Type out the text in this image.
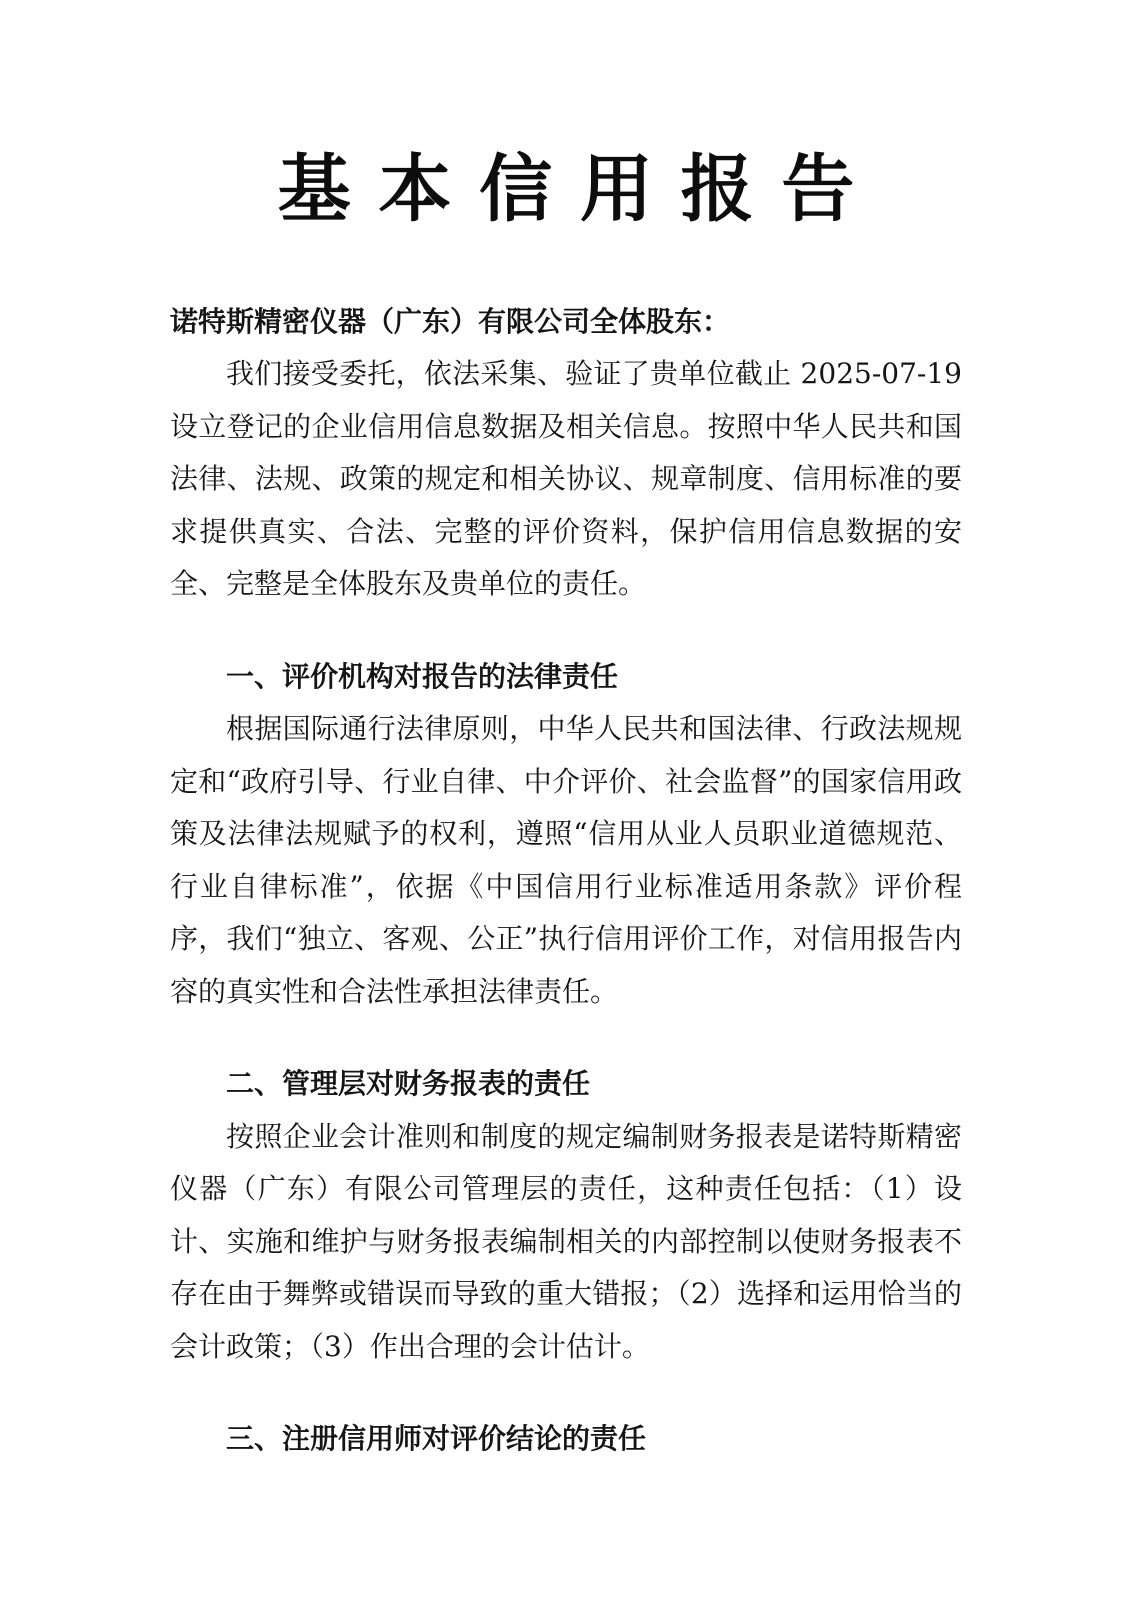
基本信用报告

诺特斯精密仪器（广东）有限公司全体股东：

我们接受委托，依法采集、验证了贵单位截止 2025-07-19 设立登记的企业信用信息数据及相关信息。按照中华人民共和国法律、法规、政策的规定和相关协议、规章制度、信用标准的要求提供真实、合法、完整的评价资料，保护信用信息数据的安全、完整是全体股东及贵单位的责任。

一、评价机构对报告的法律责任

根据国际通行法律原则，中华人民共和国法律、行政法规规定和“政府引导、行业自律、中介评价、社会监督”的国家信用政策及法律法规赋予的权利，遵照“信用从业人员职业道德规范、行业自律标准”，依据《中国信用行业标准适用条款》评价程序，我们“独立、客观、公正”执行信用评价工作，对信用报告内容的真实性和合法性承担法律责任。

二、管理层对财务报表的责任

按照企业会计准则和制度的规定编制财务报表是诺特斯精密仪器（广东）有限公司管理层的责任，这种责任包括：（1）设计、实施和维护与财务报表编制相关的内部控制以使财务报表不存在由于舞弊或错误而导致的重大错报；（2）选择和运用恰当的会计政策；（3）作出合理的会计估计。

三、注册信用师对评价结论的责任
